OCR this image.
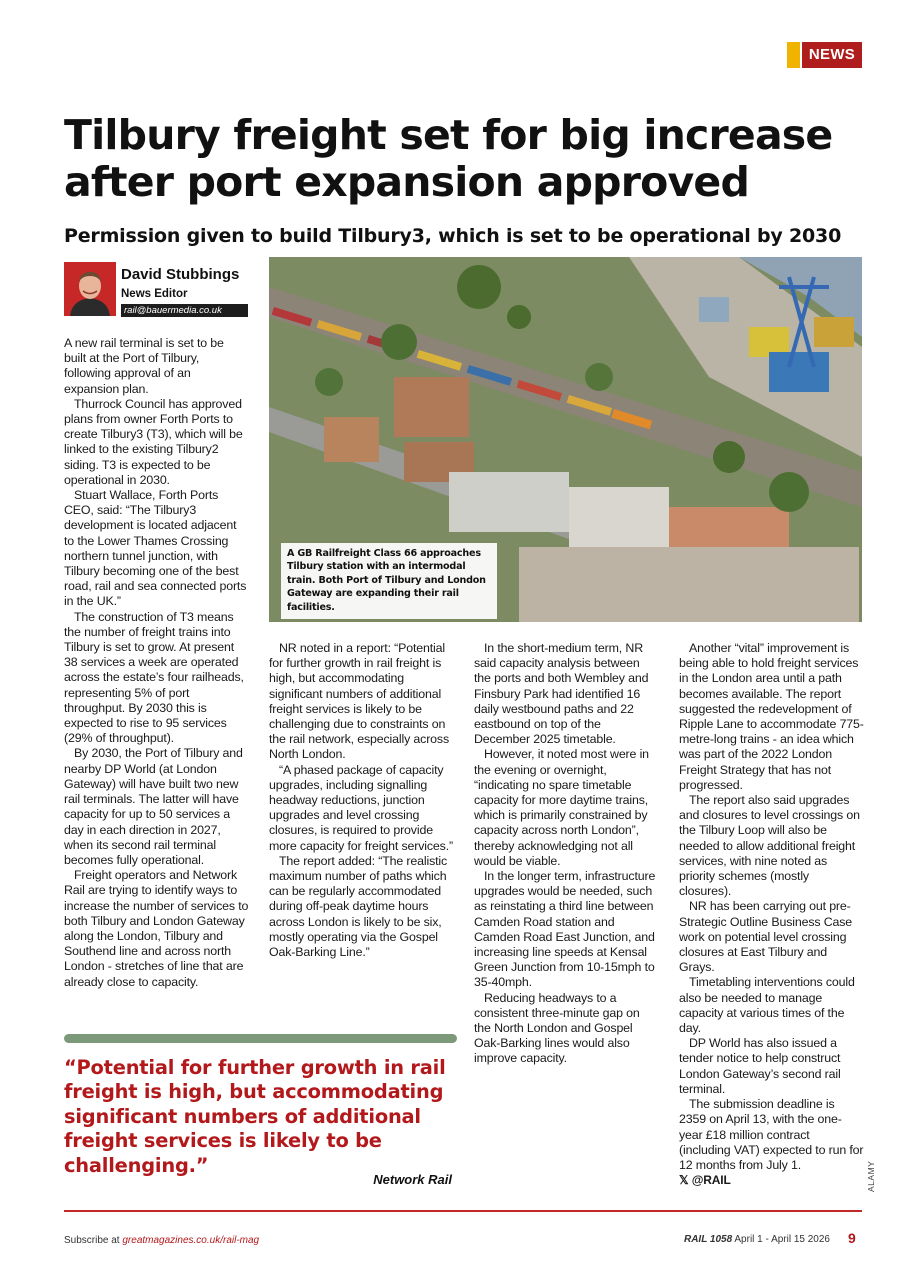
NEWS
Tilbury freight set for big increase
after port expansion approved
Permission given to build Tilbury3, which is set to be operational by 2030
David Stubbings
News Editor
rail@bauermedia.co.uk
A GB Railfreight Class 66 approaches Tilbury station with an intermodal train. Both Port of Tilbury and London Gateway are expanding their rail facilities.

A new rail terminal is set to be built at the Port of Tilbury, following approval of an expansion plan.

Thurrock Council has approved plans from owner Forth Ports to create Tilbury3 (T3), which will be linked to the existing Tilbury2 siding. T3 is expected to be operational in 2030.

Stuart Wallace, Forth Ports CEO, said: “The Tilbury3 development is located adjacent to the Lower Thames Crossing northern tunnel junction, with Tilbury becoming one of the best road, rail and sea connected ports in the UK.”

The construction of T3 means the number of freight trains into Tilbury is set to grow. At present 38 services a week are operated across the estate’s four railheads, representing 5% of port throughput. By 2030 this is expected to rise to 95 services (29% of throughput).

By 2030, the Port of Tilbury and nearby DP World (at London Gateway) will have built two new rail terminals. The latter will have capacity for up to 50 services a day in each direction in 2027, when its second rail terminal becomes fully operational.

Freight operators and Network Rail are trying to identify ways to increase the number of services to both Tilbury and London Gateway along the London, Tilbury and Southend line and across north London - stretches of line that are already close to capacity.

NR noted in a report: “Potential for further growth in rail freight is high, but accommodating significant numbers of additional freight services is likely to be challenging due to constraints on the rail network, especially across North London.

“A phased package of capacity upgrades, including signalling headway reductions, junction upgrades and level crossing closures, is required to provide more capacity for freight services.”

The report added: “The realistic maximum number of paths which can be regularly accommodated during off-peak daytime hours across London is likely to be six, mostly operating via the Gospel Oak-Barking Line.”

In the short-medium term, NR said capacity analysis between the ports and both Wembley and Finsbury Park had identified 16 daily westbound paths and 22 eastbound on top of the December 2025 timetable.

However, it noted most were in the evening or overnight, “indicating no spare timetable capacity for more daytime trains, which is primarily constrained by capacity across north London”, thereby acknowledging not all would be viable.

In the longer term, infrastructure upgrades would be needed, such as reinstating a third line between Camden Road station and Camden Road East Junction, and increasing line speeds at Kensal Green Junction from 10-15mph to 35-40mph.

Reducing headways to a consistent three-minute gap on the North London and Gospel Oak-Barking lines would also improve capacity.

Another “vital” improvement is being able to hold freight services in the London area until a path becomes available. The report suggested the redevelopment of Ripple Lane to accommodate 775-metre-long trains - an idea which was part of the 2022 London Freight Strategy that has not progressed.

The report also said upgrades and closures to level crossings on the Tilbury Loop will also be needed to allow additional freight services, with nine noted as priority schemes (mostly closures).

NR has been carrying out pre-Strategic Outline Business Case work on potential level crossing closures at East Tilbury and Grays.

Timetabling interventions could also be needed to manage capacity at various times of the day.

DP World has also issued a tender notice to help construct London Gateway’s second rail terminal.

The submission deadline is 2359 on April 13, with the one-year £18 million contract (including VAT) expected to run for 12 months from July 1.

𝕏 @RAIL

“Potential for further growth in rail freight is high, but accommodating significant numbers of additional freight services is likely to be challenging.”

Network Rail	ALAMY
Subscribe at greatmagazines.co.uk/rail-mag	RAIL 1058 April 1 - April 15 2026 9
